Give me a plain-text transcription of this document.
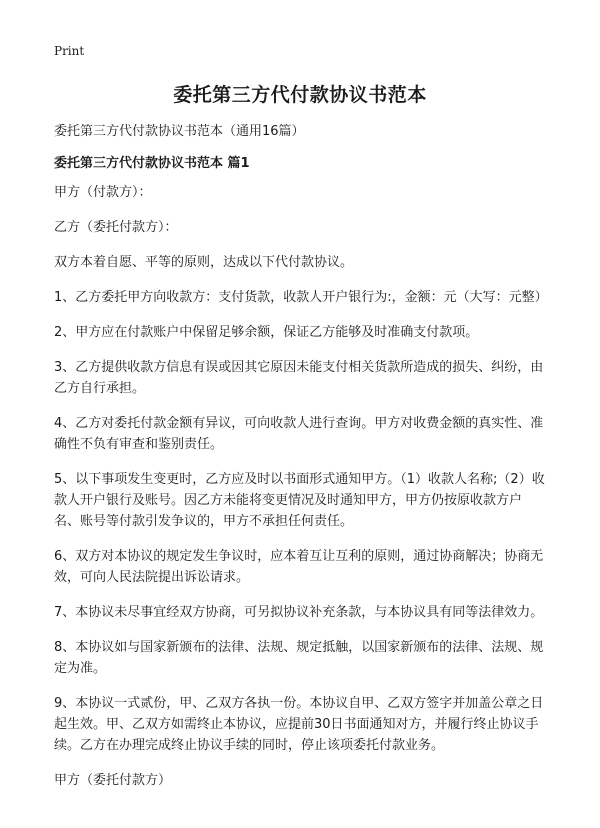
Print
委托第三方代付款协议书范本
委托第三方代付款协议书范本（通用16篇）
委托第三方代付款协议书范本 篇1

甲方（付款方）：

乙方（委托付款方）：

双方本着自愿、平等的原则，达成以下代付款协议。

1、乙方委托甲方向收款方：支付货款，收款人开户银行为:，金额：元（大写：元整）

2、甲方应在付款账户中保留足够余额，保证乙方能够及时准确支付款项。

3、乙方提供收款方信息有误或因其它原因未能支付相关货款所造成的损失、纠纷，由乙方自行承担。

4、乙方对委托付款金额有异议，可向收款人进行查询。甲方对收费金额的真实性、准确性不负有审查和鉴别责任。

5、以下事项发生变更时，乙方应及时以书面形式通知甲方。（1）收款人名称;（2）收款人开户银行及账号。因乙方未能将变更情况及时通知甲方，甲方仍按原收款方户名、账号等付款引发争议的，甲方不承担任何责任。

6、双方对本协议的规定发生争议时，应本着互让互利的原则，通过协商解决；协商无效，可向人民法院提出诉讼请求。

7、本协议未尽事宜经双方协商，可另拟协议补充条款，与本协议具有同等法律效力。

8、本协议如与国家新颁布的法律、法规、规定抵触，以国家新颁布的法律、法规、规定为准。

9、本协议一式贰份，甲、乙双方各执一份。本协议自甲、乙双方签字并加盖公章之日起生效。甲、乙双方如需终止本协议，应提前30日书面通知对方，并履行终止协议手续。乙方在办理完成终止协议手续的同时，停止该项委托付款业务。

甲方（委托付款方）
